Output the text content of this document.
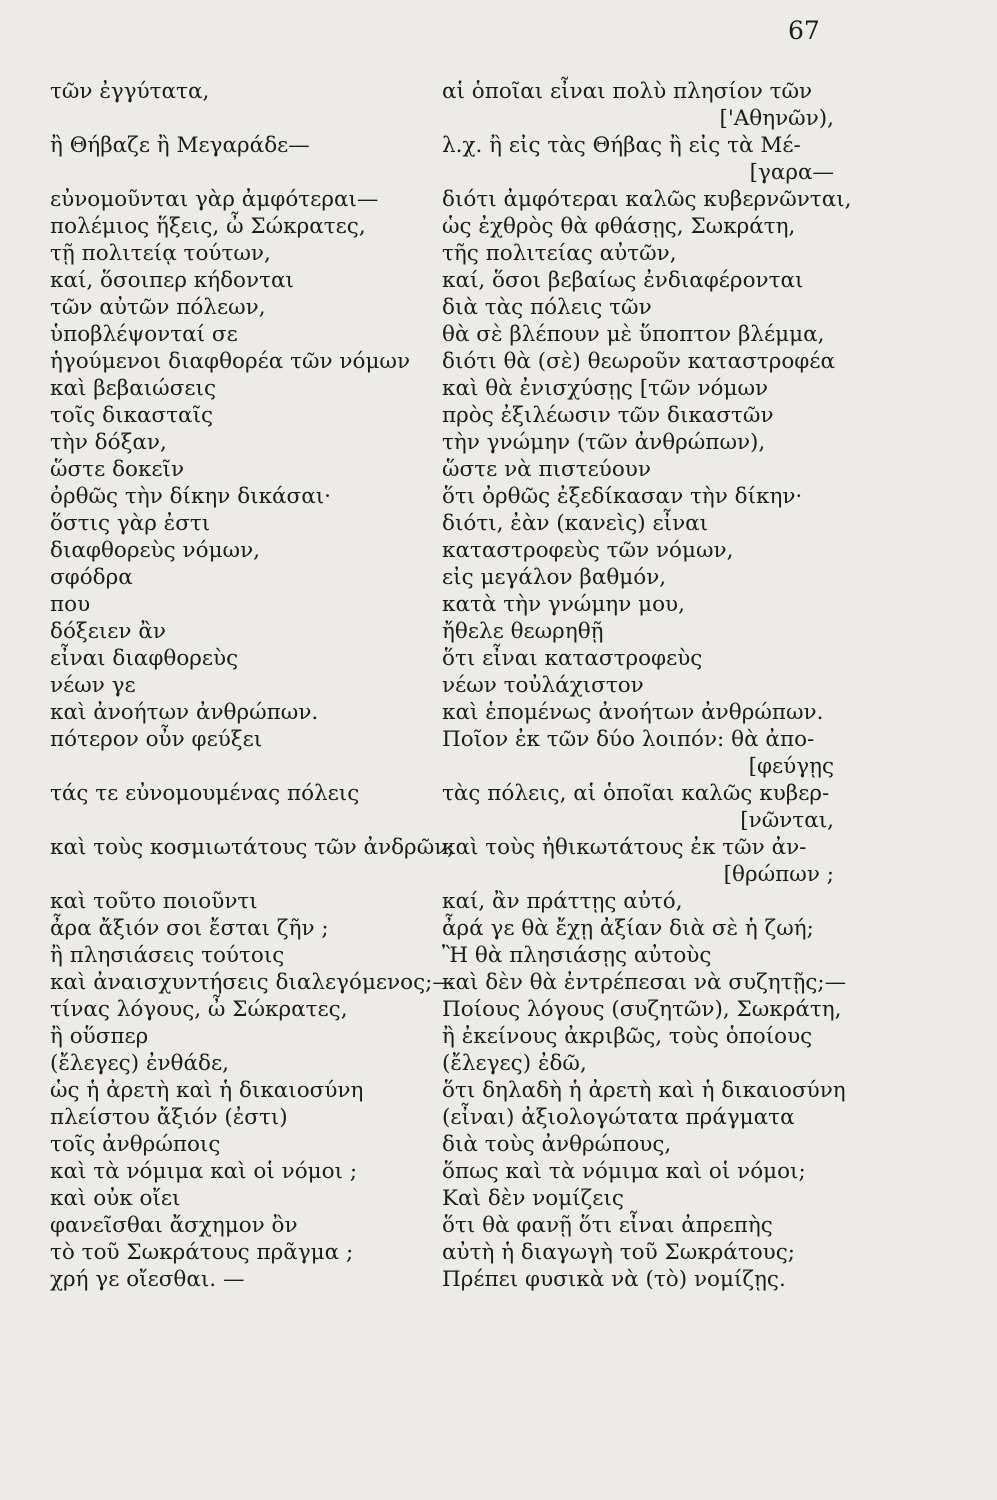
67
τῶν ἐγγύτατα,
ἢ Θήβαζε ἢ Μεγαράδε—
εὐνομοῦνται γὰρ ἀμφότεραι—
πολέμιος ἥξεις, ὦ Σώκρατες,
τῇ πολιτείᾳ τούτων,
καί, ὅσοιπερ κήδονται
τῶν αὐτῶν πόλεων,
ὑποβλέψονταί σε
ἡγούμενοι διαφθορέα τῶν νόμων
καὶ βεβαιώσεις
τοῖς δικασταῖς
τὴν δόξαν,
ὥστε δοκεῖν
ὀρθῶς τὴν δίκην δικάσαι·
ὅστις γὰρ ἐστι
διαφθορεὺς νόμων,
σφόδρα
που
δόξειεν ἂν
εἶναι διαφθορεὺς
νέων γε
καὶ ἀνοήτων ἀνθρώπων.
πότερον οὖν φεύξει
τάς τε εὐνομουμένας πόλεις
καὶ τοὺς κοσμιωτάτους τῶν ἀνδρῶν;
καὶ τοῦτο ποιοῦντι
ἆρα ἄξιόν σοι ἔσται ζῆν ;
ἢ πλησιάσεις τούτοις
καὶ ἀναισχυντήσεις διαλεγόμενος;—
τίνας λόγους, ὦ Σώκρατες,
ἢ οὕσπερ
(ἔλεγες) ἐνθάδε,
ὡς ἡ ἀρετὴ καὶ ἡ δικαιοσύνη
πλείστου ἄξιόν (ἐστι)
τοῖς ἀνθρώποις
καὶ τὰ νόμιμα καὶ οἱ νόμοι ;
καὶ οὐκ οἴει
φανεῖσθαι ἄσχημον ὂν
τὸ τοῦ Σωκράτους πρᾶγμα ;
χρή γε οἴεσθαι. —
αἱ ὁποῖαι εἶναι πολὺ πλησίον τῶν
['Αθηνῶν),
λ.χ. ἢ εἰς τὰς Θήβας ἢ εἰς τὰ Μέ-
[γαρα—
διότι ἀμφότεραι καλῶς κυβερνῶνται,
ὡς ἐχθρὸς θὰ φθάσῃς, Σωκράτη,
τῆς πολιτείας αὐτῶν,
καί, ὅσοι βεβαίως ἐνδιαφέρονται
διὰ τὰς πόλεις τῶν
θὰ σὲ βλέπουν μὲ ὕποπτον βλέμμα,
διότι θὰ (σὲ) θεωροῦν καταστροφέα
καὶ θὰ ἐνισχύσῃς [τῶν νόμων
πρὸς ἐξιλέωσιν τῶν δικαστῶν
τὴν γνώμην (τῶν ἀνθρώπων),
ὥστε νὰ πιστεύουν
ὅτι ὀρθῶς ἐξεδίκασαν τὴν δίκην·
διότι, ἐὰν (κανεὶς) εἶναι
καταστροφεὺς τῶν νόμων,
εἰς μεγάλον βαθμόν,
κατὰ τὴν γνώμην μου,
ἤθελε θεωρηθῇ
ὅτι εἶναι καταστροφεὺς
νέων τοὐλάχιστον
καὶ ἑπομένως ἀνοήτων ἀνθρώπων.
Ποῖον ἐκ τῶν δύο λοιπόν: θὰ ἀπο-
[φεύγῃς
τὰς πόλεις, αἱ ὁποῖαι καλῶς κυβερ-
[νῶνται,
καὶ τοὺς ἠθικωτάτους ἐκ τῶν ἀν-
[θρώπων ;
καί, ἂν πράττῃς αὐτό,
ἆρά γε θὰ ἔχῃ ἀξίαν διὰ σὲ ἡ ζωή;
Ἢ θὰ πλησιάσῃς αὐτοὺς
καὶ δὲν θὰ ἐντρέπεσαι νὰ συζητῇς;—
Ποίους λόγους (συζητῶν), Σωκράτη,
ἢ ἐκείνους ἀκριβῶς, τοὺς ὁποίους
(ἔλεγες) ἐδῶ,
ὅτι δηλαδὴ ἡ ἀρετὴ καὶ ἡ δικαιοσύνη
(εἶναι) ἀξιολογώτατα πράγματα
διὰ τοὺς ἀνθρώπους,
ὅπως καὶ τὰ νόμιμα καὶ οἱ νόμοι;
Καὶ δὲν νομίζεις
ὅτι θὰ φανῇ ὅτι εἶναι ἀπρεπὴς
αὐτὴ ἡ διαγωγὴ τοῦ Σωκράτους;
Πρέπει φυσικὰ νὰ (τὸ) νομίζῃς.
